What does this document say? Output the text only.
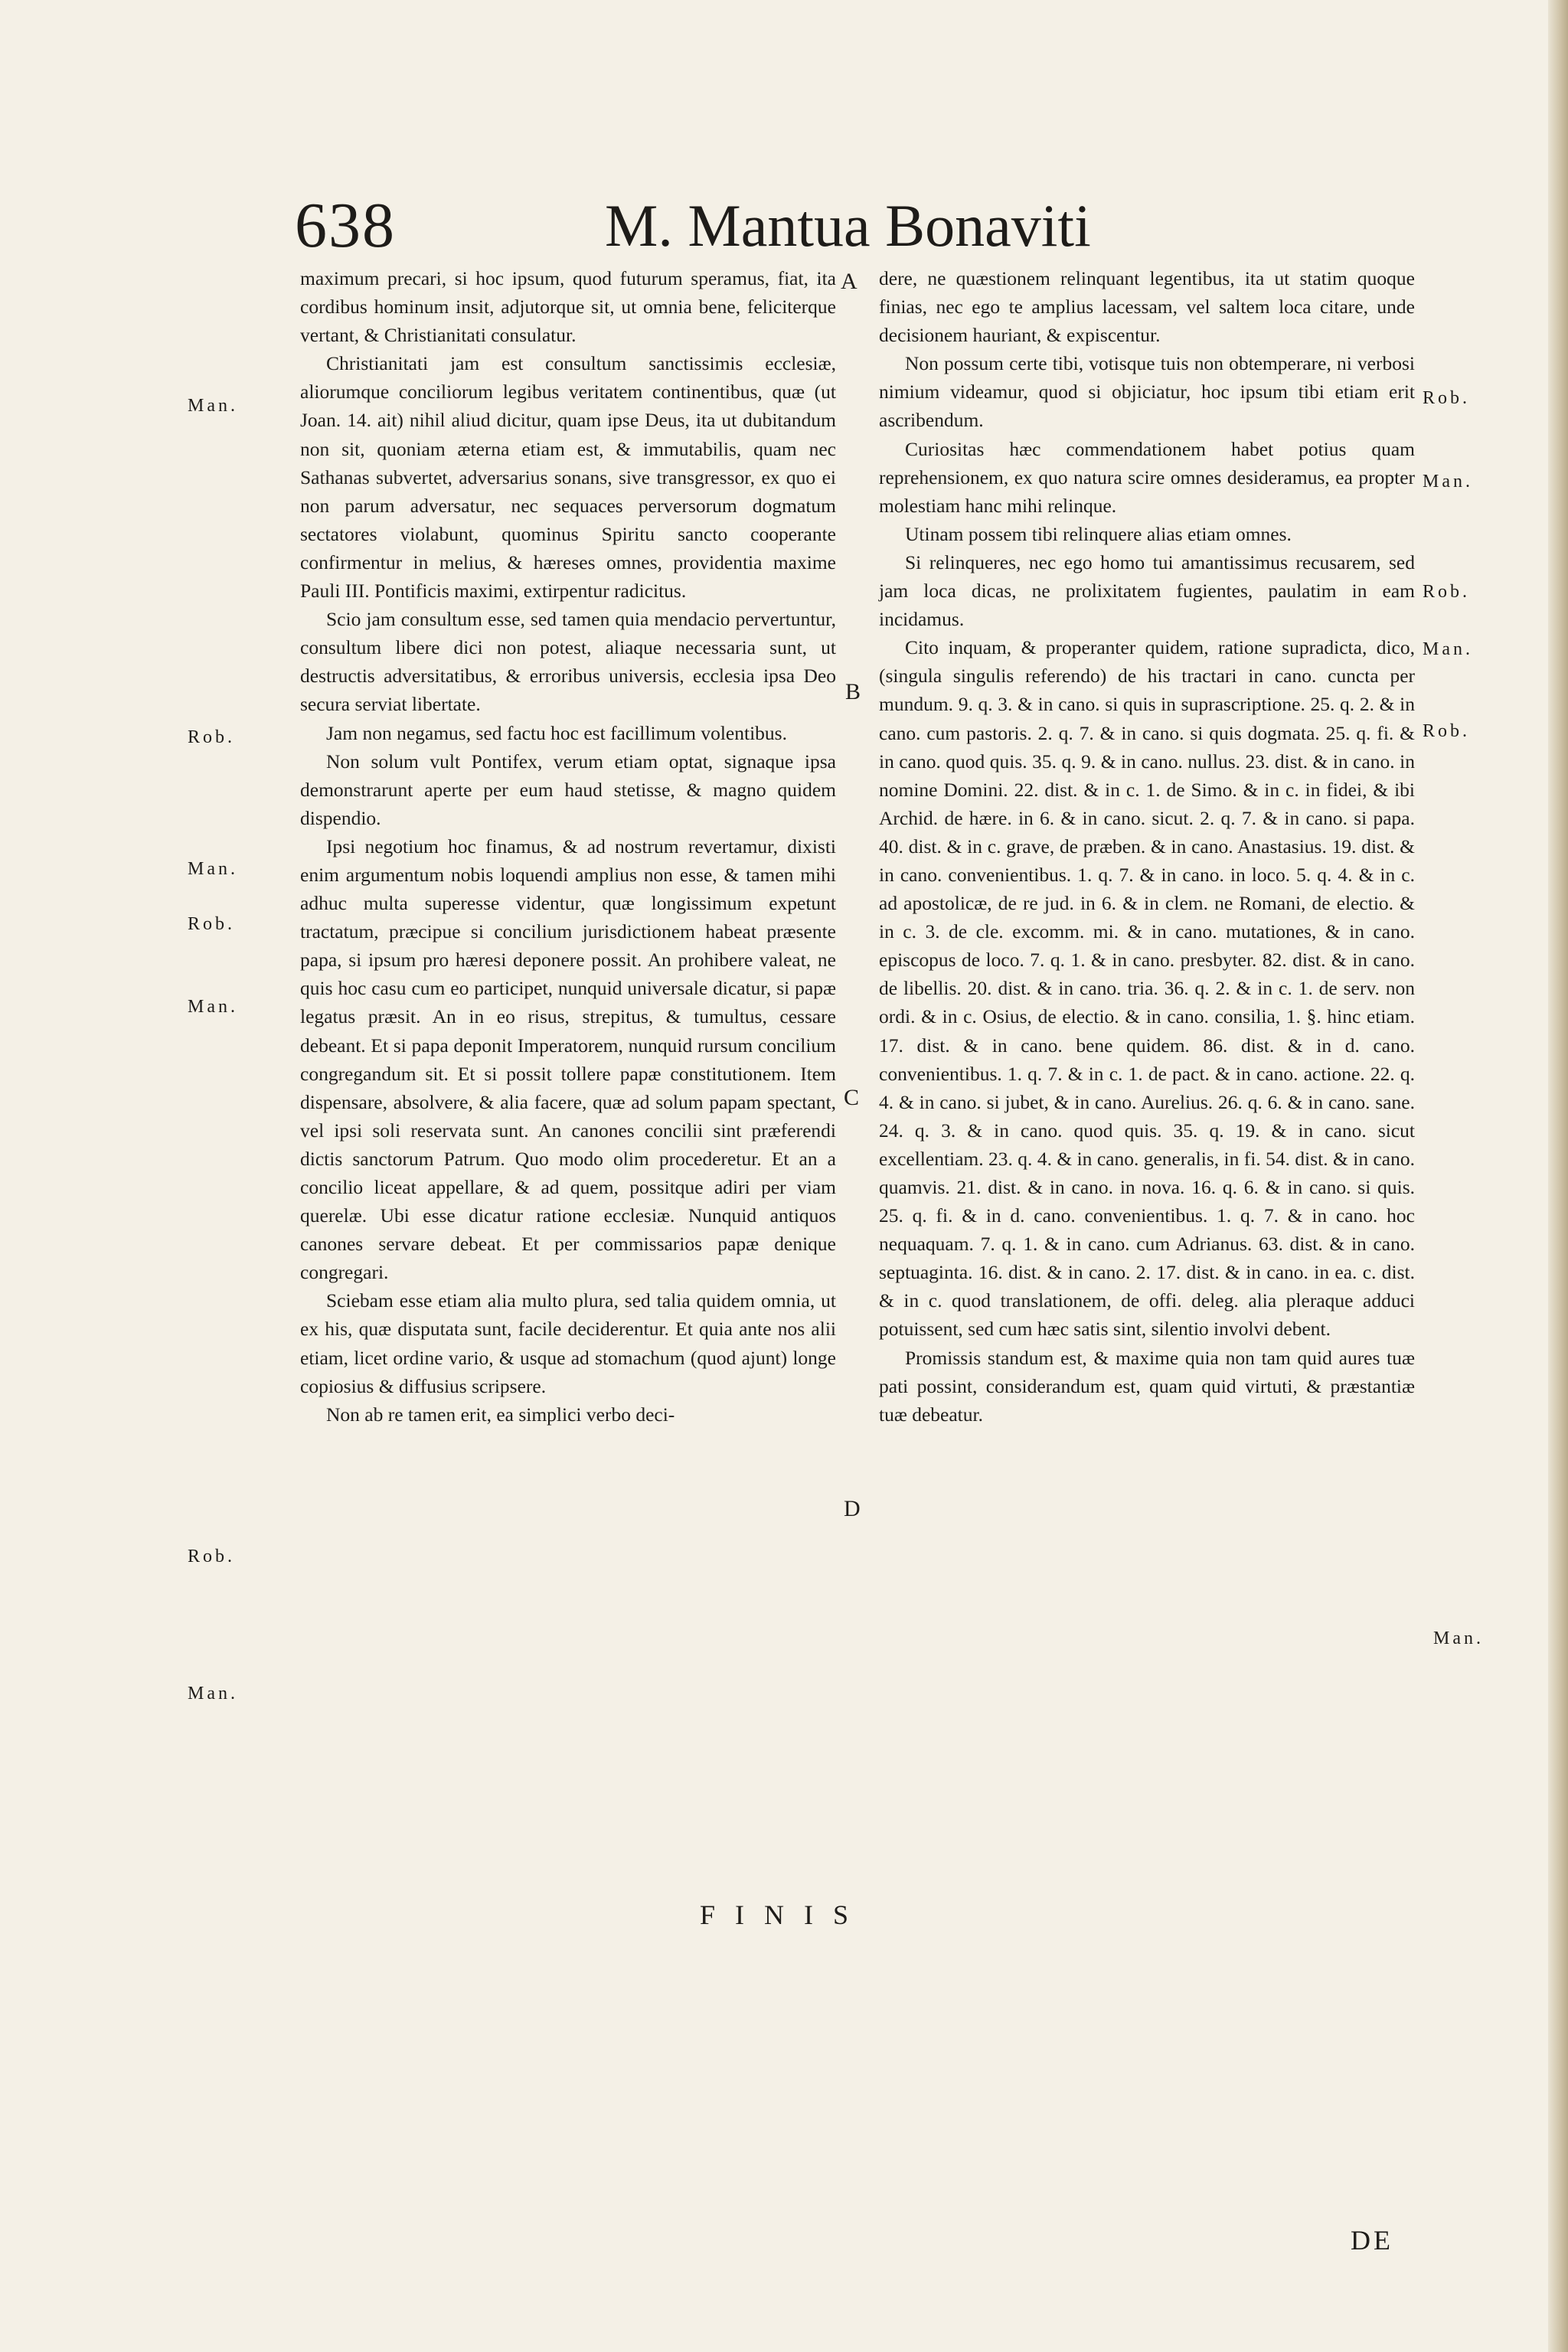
638	M. Mantua Bonaviti

maximum precari, si hoc ipsum, quod futurum speramus, fiat, ita cordibus hominum insit, adjutorque sit, ut omnia bene, feliciterque vertant, & Christianitati consulatur.

Christianitati jam est consultum sanctissimis ecclesiæ, aliorumque conciliorum legibus veritatem continentibus, quæ (ut Joan. 14. ait) nihil aliud dicitur, quam ipse Deus, ita ut dubitandum non sit, quoniam æterna etiam est, & immutabilis, quam nec Sathanas subvertet, adversarius sonans, sive transgressor, ex quo ei non parum adversatur, nec sequaces perversorum dogmatum sectatores violabunt, quominus Spiritu sancto cooperante confirmentur in melius, & hæreses omnes, providentia maxime Pauli III. Pontificis maximi, extirpentur radicitus.

Scio jam consultum esse, sed tamen quia mendacio pervertuntur, consultum libere dici non potest, aliaque necessaria sunt, ut destructis adversitatibus, & erroribus universis, ecclesia ipsa Deo secura serviat libertate.

Jam non negamus, sed factu hoc est facillimum volentibus.

Non solum vult Pontifex, verum etiam optat, signaque ipsa demonstrarunt aperte per eum haud stetisse, & magno quidem dispendio.

Ipsi negotium hoc finamus, & ad nostrum revertamur, dixisti enim argumentum nobis loquendi amplius non esse, & tamen mihi adhuc multa superesse videntur, quæ longissimum expetunt tractatum, præcipue si concilium jurisdictionem habeat præsente papa, si ipsum pro hæresi deponere possit. An prohibere valeat, ne quis hoc casu cum eo participet, nunquid universale dicatur, si papæ legatus præsit. An in eo risus, strepitus, & tumultus, cessare debeant. Et si papa deponit Imperatorem, nunquid rursum concilium congregandum sit. Et si possit tollere papæ constitutionem. Item dispensare, absolvere, & alia facere, quæ ad solum papam spectant, vel ipsi soli reservata sunt. An canones concilii sint præferendi dictis sanctorum Patrum. Quo modo olim procederetur. Et an a concilio liceat appellare, & ad quem, possitque adiri per viam querelæ. Ubi esse dicatur ratione ecclesiæ. Nunquid antiquos canones servare debeat. Et per commissarios papæ denique congregari.

Sciebam esse etiam alia multo plura, sed talia quidem omnia, ut ex his, quæ disputata sunt, facile deciderentur. Et quia ante nos alii etiam, licet ordine vario, & usque ad stomachum (quod ajunt) longe copiosius & diffusius scripsere.

Non ab re tamen erit, ea simplici verbo deci-

dere, ne quæstionem relinquant legentibus, ita ut statim quoque finias, nec ego te amplius lacessam, vel saltem loca citare, unde decisionem hauriant, & expiscentur.

Non possum certe tibi, votisque tuis non obtemperare, ni verbosi nimium videamur, quod si objiciatur, hoc ipsum tibi etiam erit ascribendum.

Curiositas hæc commendationem habet potius quam reprehensionem, ex quo natura scire omnes desideramus, ea propter molestiam hanc mihi relinque.

Utinam possem tibi relinquere alias etiam omnes.

Si relinqueres, nec ego homo tui amantissimus recusarem, sed jam loca dicas, ne prolixitatem fugientes, paulatim in eam incidamus.

Cito inquam, & properanter quidem, ratione supradicta, dico, (singula singulis referendo) de his tractari in cano. cuncta per mundum. 9. q. 3. & in cano. si quis in suprascriptione. 25. q. 2. & in cano. cum pastoris. 2. q. 7. & in cano. si quis dogmata. 25. q. fi. & in cano. quod quis. 35. q. 9. & in cano. nullus. 23. dist. & in cano. in nomine Domini. 22. dist. & in c. 1. de Simo. & in c. in fidei, & ibi Archid. de hære. in 6. & in cano. sicut. 2. q. 7. & in cano. si papa. 40. dist. & in c. grave, de præben. & in cano. Anastasius. 19. dist. & in cano. convenientibus. 1. q. 7. & in cano. in loco. 5. q. 4. & in c. ad apostolicæ, de re jud. in 6. & in clem. ne Romani, de electio. & in c. 3. de cle. excomm. mi. & in cano. mutationes, & in cano. episcopus de loco. 7. q. 1. & in cano. presbyter. 82. dist. & in cano. de libellis. 20. dist. & in cano. tria. 36. q. 2. & in c. 1. de serv. non ordi. & in c. Osius, de electio. & in cano. consilia, 1. §. hinc etiam. 17. dist. & in cano. bene quidem. 86. dist. & in d. cano. convenientibus. 1. q. 7. & in c. 1. de pact. & in cano. actione. 22. q. 4. & in cano. si jubet, & in cano. Aurelius. 26. q. 6. & in cano. sane. 24. q. 3. & in cano. quod quis. 35. q. 19. & in cano. sicut excellentiam. 23. q. 4. & in cano. generalis, in fi. 54. dist. & in cano. quamvis. 21. dist. & in cano. in nova. 16. q. 6. & in cano. si quis. 25. q. fi. & in d. cano. convenientibus. 1. q. 7. & in cano. hoc nequaquam. 7. q. 1. & in cano. cum Adrianus. 63. dist. & in cano. septuaginta. 16. dist. & in cano. 2. 17. dist. & in cano. in ea. c. dist. & in c. quod translationem, de offi. deleg. alia pleraque adduci potuissent, sed cum hæc satis sint, silentio involvi debent.

Promissis standum est, & maxime quia non tam quid aures tuæ pati possint, considerandum est, quam quid virtuti, & præstantiæ tuæ debeatur.

Man.
Rob.
Man.
Rob.
Man.
Rob.
Man.
Rob.
Man.
Rob.
Man.
Rob.
Man.
A
B
C
D
FINIS
DE
